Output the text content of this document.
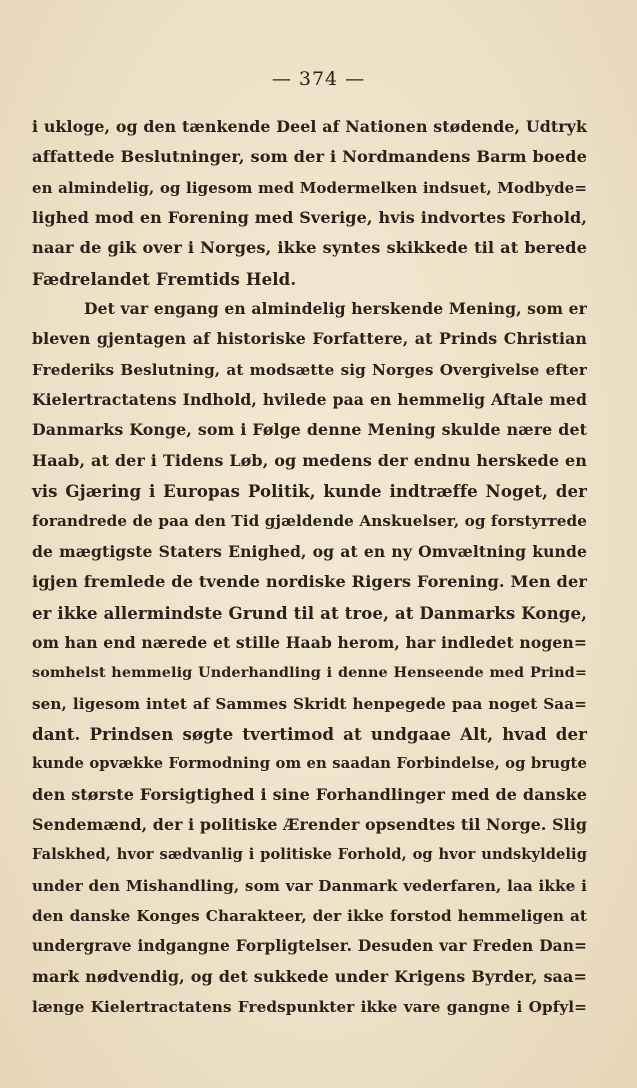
— 374 —
i ukloge, og den tænkende Deel af Nationen stødende, Udtryk
affattede Beslutninger, som der i Nordmandens Barm boede
en almindelig, og ligesom med Modermelken indsuet, Modbyde=
lighed mod en Forening med Sverige, hvis indvortes Forhold,
naar de gik over i Norges, ikke syntes skikkede til at berede
Fædrelandet Fremtids Held.
Det var engang en almindelig herskende Mening, som er
bleven gjentagen af historiske Forfattere, at Prinds Christian
Frederiks Beslutning, at modsætte sig Norges Overgivelse efter
Kielertractatens Indhold, hvilede paa en hemmelig Aftale med
Danmarks Konge, som i Følge denne Mening skulde nære det
Haab, at der i Tidens Løb, og medens der endnu herskede en
vis Gjæring i Europas Politik, kunde indtræffe Noget, der
forandrede de paa den Tid gjældende Anskuelser, og forstyrrede
de mægtigste Staters Enighed, og at en ny Omvæltning kunde
igjen fremlede de tvende nordiske Rigers Forening. Men der
er ikke allermindste Grund til at troe, at Danmarks Konge,
om han end nærede et stille Haab herom, har indledet nogen=
somhelst hemmelig Underhandling i denne Henseende med Prind=
sen, ligesom intet af Sammes Skridt henpegede paa noget Saa=
dant. Prindsen søgte tvertimod at undgaae Alt, hvad der
kunde opvække Formodning om en saadan Forbindelse, og brugte
den største Forsigtighed i sine Forhandlinger med de danske
Sendemænd, der i politiske Ærender opsendtes til Norge. Slig
Falskhed, hvor sædvanlig i politiske Forhold, og hvor undskyldelig
under den Mishandling, som var Danmark vederfaren, laa ikke i
den danske Konges Charakteer, der ikke forstod hemmeligen at
undergrave indgangne Forpligtelser. Desuden var Freden Dan=
mark nødvendig, og det sukkede under Krigens Byrder, saa=
længe Kielertractatens Fredspunkter ikke vare gangne i Opfyl=
